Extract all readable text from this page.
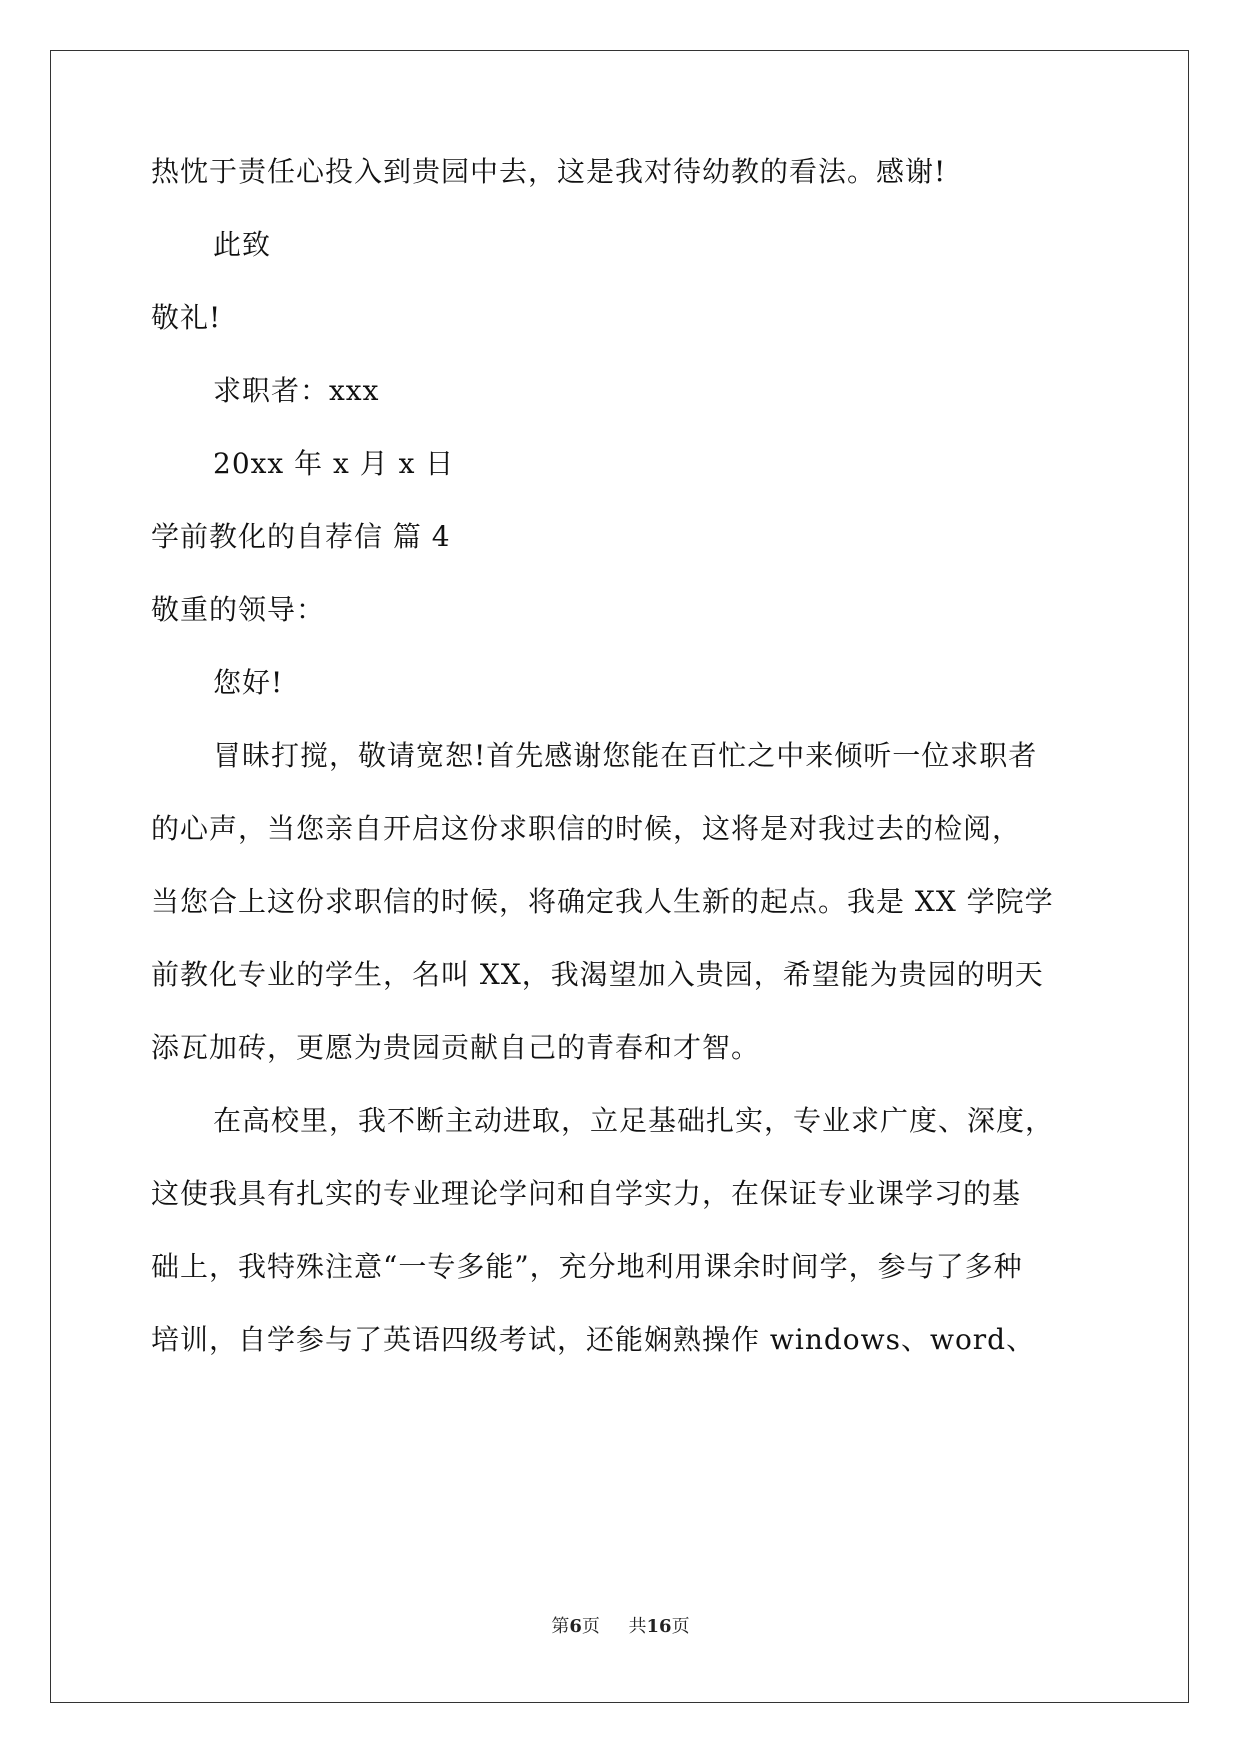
热忱于责任心投入到贵园中去，这是我对待幼教的看法。感谢!
此致
敬礼!
求职者：xxx
20xx 年 x 月 x 日
学前教化的自荐信 篇 4
敬重的领导：
您好!
冒昧打搅，敬请宽恕!首先感谢您能在百忙之中来倾听一位求职者
的心声，当您亲自开启这份求职信的时候，这将是对我过去的检阅，
当您合上这份求职信的时候，将确定我人生新的起点。我是 XX 学院学
前教化专业的学生，名叫 XX，我渴望加入贵园，希望能为贵园的明天
添瓦加砖，更愿为贵园贡献自己的青春和才智。
在高校里，我不断主动进取，立足基础扎实，专业求广度、深度，
这使我具有扎实的专业理论学问和自学实力，在保证专业课学习的基
础上，我特殊注意“一专多能”，充分地利用课余时间学，参与了多种
培训，自学参与了英语四级考试，还能娴熟操作 windows、word、
第6页 共16页
